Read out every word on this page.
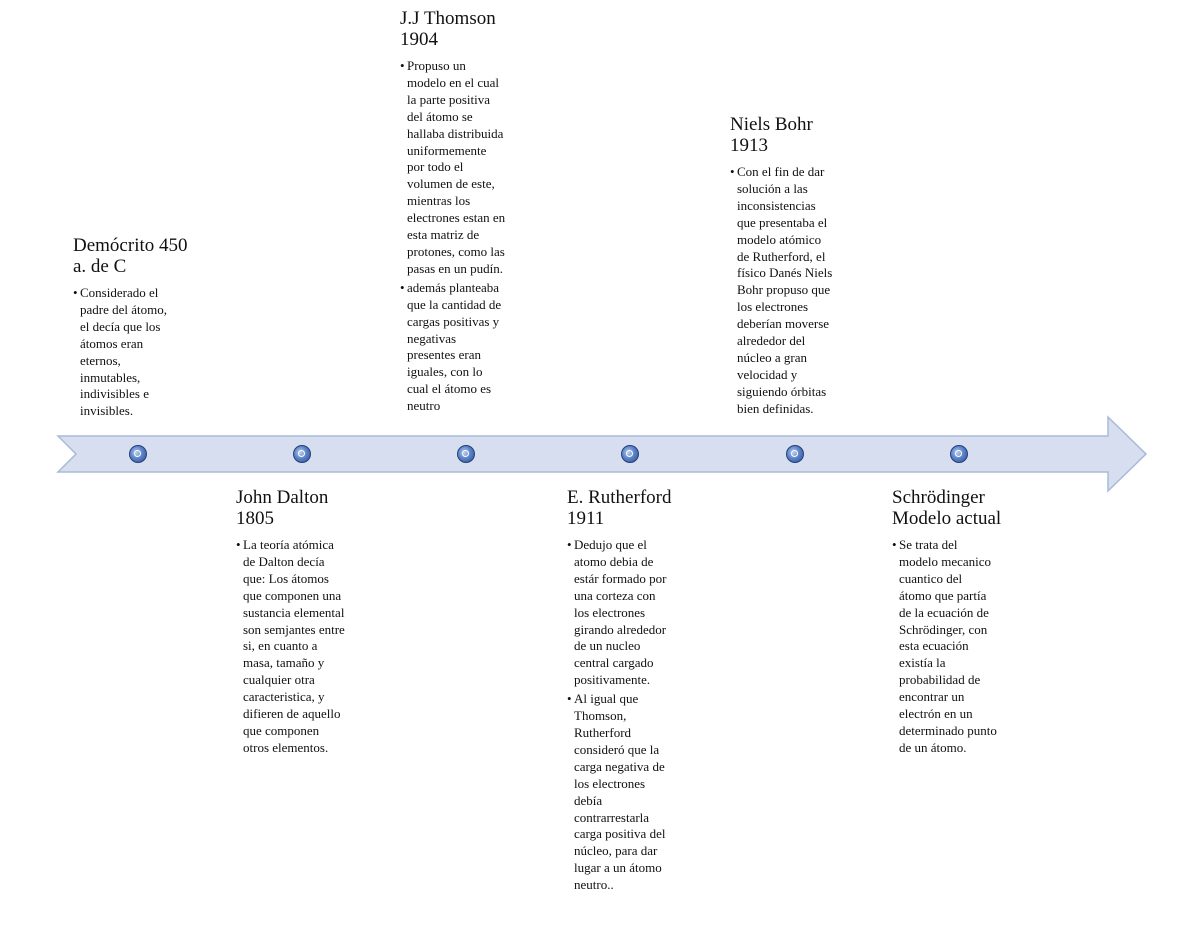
Demócrito 450
a. de C
• Considerado el
padre del átomo,
el decía que los
átomos eran
eternos,
inmutables,
indivisibles e
invisibles.
John Dalton
1805
• La teoría atómica
de Dalton decía
que: Los átomos
que componen una
sustancia elemental
son semjantes entre
si, en cuanto a
masa, tamaño y
cualquier otra
caracteristica, y
difieren de aquello
que componen
otros elementos.
J.J Thomson
1904
• Propuso un
modelo en el cual
la parte positiva
del átomo se
hallaba distribuida
uniformemente
por todo el
volumen de este,
mientras los
electrones estan en
esta matriz de
protones, como las
pasas en un pudín.
• además planteaba
que la cantidad de
cargas positivas y
negativas
presentes eran
iguales, con lo
cual el átomo es
neutro
E. Rutherford
1911
• Dedujo que el
atomo debia de
estár formado por
una corteza con
los electrones
girando alrededor
de un nucleo
central cargado
positivamente.
• Al igual que
Thomson,
Rutherford
consideró que la
carga negativa de
los electrones
debía
contrarrestarla
carga positiva del
núcleo, para dar
lugar a un átomo
neutro..
Niels Bohr
1913
• Con el fin de dar
solución a las
inconsistencias
que presentaba el
modelo atómico
de Rutherford, el
físico Danés Niels
Bohr propuso que
los electrones
deberían moverse
alrededor del
núcleo a gran
velocidad y
siguiendo órbitas
bien definidas.
Schrödinger
Modelo actual
• Se trata del
modelo mecanico
cuantico del
átomo que partía
de la ecuación de
Schrödinger, con
esta ecuación
existía la
probabilidad de
encontrar un
electrón en un
determinado punto
de un átomo.
